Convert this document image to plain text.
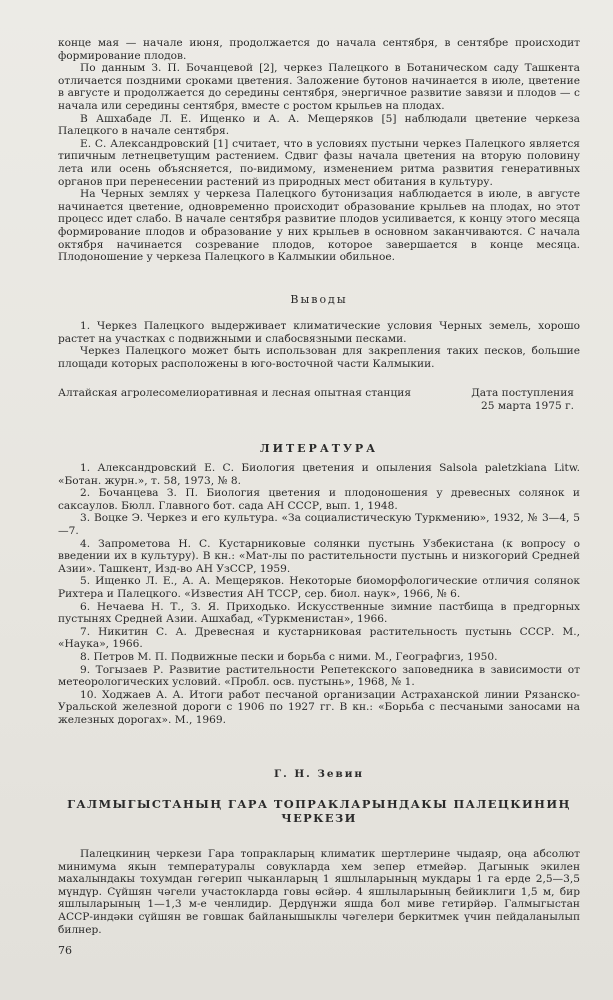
конце мая — начале июня, продолжается до начала сентября, в сентябре происходит формирование плодов.

По данным З. П. Бочанцевой [2], черкез Палецкого в Ботаническом саду Ташкента отличается поздними сроками цветения. Заложение бутонов начинается в июле, цветение в августе и продолжается до середины сентября, энергичное развитие завязи и плодов — с начала или середины сентября, вместе с ростом крыльев на плодах.

В Ашхабаде Л. Е. Ищенко и А. А. Мещеряков [5] наблюдали цветение черкеза Палецкого в начале сентября.

Е. С. Александровский [1] считает, что в условиях пустыни черкез Палецкого является типичным летнецветущим растением. Сдвиг фазы начала цветения на вторую половину лета или осень объясняется, по-видимому, изменением ритма развития генеративных органов при перенесении растений из природных мест обитания в культуру.

На Черных землях у черкеза Палецкого бутонизация наблюдается в июле, в августе начинается цветение, одновременно происходит образование крыльев на плодах, но этот процесс идет слабо. В начале сентября развитие плодов усиливается, к концу этого месяца формирование плодов и образование у них крыльев в основном заканчиваются. С начала октября начинается созревание плодов, которое завершается в конце месяца. Плодоношение у черкеза Палецкого в Калмыкии обильное.

Выводы

1. Черкез Палецкого выдерживает климатические условия Черных земель, хорошо растет на участках с подвижными и слабосвязными песками.

Черкез Палецкого может быть использован для закрепления таких песков, большие площади которых расположены в юго-восточной части Калмыкии.

Алтайская агролесомелиоративная и лесная опытная станция	Дата поступления
25 марта 1975 г.
ЛИТЕРАТУРА

1. Александровский Е. С. Биология цветения и опыления Salsola paletzkiana Litw. «Ботан. журн.», т. 58, 1973, № 8.

2. Бочанцева З. П. Биология цветения и плодоношения у древесных солянок и саксаулов. Бюлл. Главного бот. сада АН СССР, вып. 1, 1948.

3. Воцке Э. Черкез и его культура. «За социалистическую Туркмению», 1932, № 3—4, 5—7.

4. Запрометова Н. С. Кустарниковые солянки пустынь Узбекистана (к вопросу о введении их в культуру). В кн.: «Мат-лы по растительности пустынь и низкогорий Средней Азии». Ташкент, Изд-во АН УзССР, 1959.

5. Ищенко Л. Е., А. А. Мещеряков. Некоторые биоморфологические отличия солянок Рихтера и Палецкого. «Известия АН ТССР, сер. биол. наук», 1966, № 6.

6. Нечаева Н. Т., З. Я. Приходько. Искусственные зимние пастбища в предгорных пустынях Средней Азии. Ашхабад, «Туркменистан», 1966.

7. Никитин С. А. Древесная и кустарниковая растительность пустынь СССР. М., «Наука», 1966.

8. Петров М. П. Подвижные пески и борьба с ними. М., Географгиз, 1950.

9. Тогызаев Р. Развитие растительности Репетекского заповедника в зависимости от метеорологических условий. «Пробл. осв. пустынь», 1968, № 1.

10. Ходжаев А. А. Итоги работ песчаной организации Астраханской линии Рязанско-Уральской железной дороги с 1906 по 1927 гг. В кн.: «Борьба с песчаными заносами на железных дорогах». М., 1969.

Г. Н. Зевин
ГАЛМЫГЫСТАНЫҢ ГАРА ТОПРАКЛАРЫНДАКЫ ПАЛЕЦКИНИҢ
ЧЕРКЕЗИ

Палецкиниң черкези Гара топракларың климатик шертлерине чыдаяр, оңа абсолют минимума якын температуралы совукларда хем зепер етмейәр. Дагынык экилен махалындакы тохумдан гөгерип чыканларың 1 яшлыларының мукдары 1 га ерде 2,5—3,5 мүндүр. Сүйшян чәгели участокларда говы өсйәр. 4 яшлыларының бейиклиги 1,5 м, бир яшлыларының 1—1,3 м-е ченлидир. Дердүнжи яшда бол миве гетирйәр. Галмыгыстан АССР-индәки сүйшян ве говшак байланышыклы чәгелери беркитмек үчин пейдаланылып билнер.

76
